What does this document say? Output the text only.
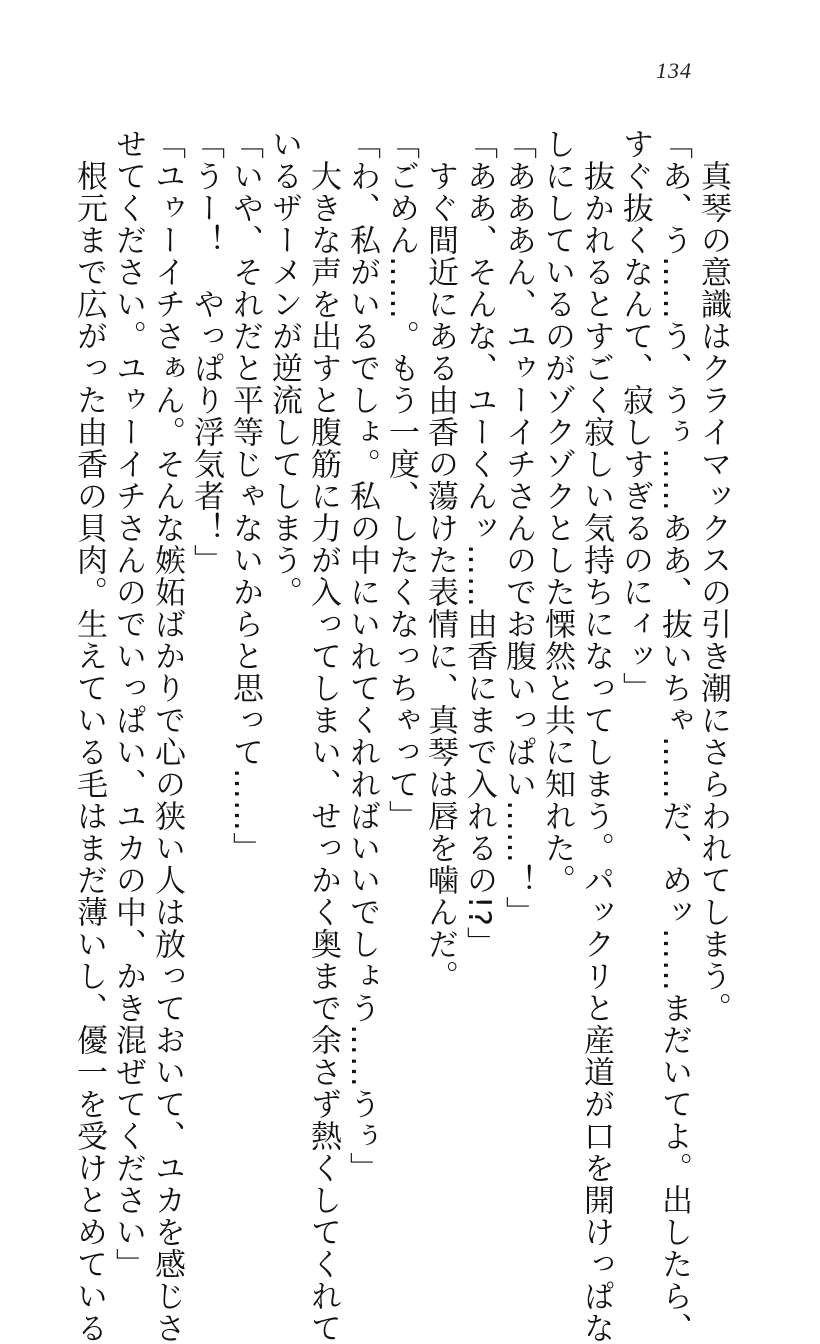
134
　真琴の意識はクライマックスの引き潮にさらわれてしまう。
「あ、う……う、うぅ……ああ、抜いちゃ……だ、めッ……まだいてよ。出したら、
すぐ抜くなんて、寂しすぎるのにィッ」
　抜かれるとすごく寂しい気持ちになってしまう。パックリと産道が口を開けっぱな
しにしているのがゾクゾクとした慄然と共に知れた。
「あああん、ユゥーイチさんのでお腹いっぱい……！」
「ああ、そんな、ユーくんッ……由香にまで入れるの!?」
　すぐ間近にある由香の蕩けた表情に、真琴は唇を噛んだ。
「ごめん……。もう一度、したくなっちゃって」
「わ、私がいるでしょ。私の中にいれてくれればいいでしょう……うぅ」
　大きな声を出すと腹筋に力が入ってしまい、せっかく奥まで余さず熱くしてくれて
いるザーメンが逆流してしまう。
「いや、それだと平等じゃないからと思って……」
「うー！　やっぱり浮気者！」
「ユゥーイチさぁん。そんな嫉妬ばかりで心の狭い人は放っておいて、ユカを感じさ
せてください。ユゥーイチさんのでいっぱい、ユカの中、かき混ぜてください」
　根元まで広がった由香の貝肉。生えている毛はまだ薄いし、優一を受けとめている
